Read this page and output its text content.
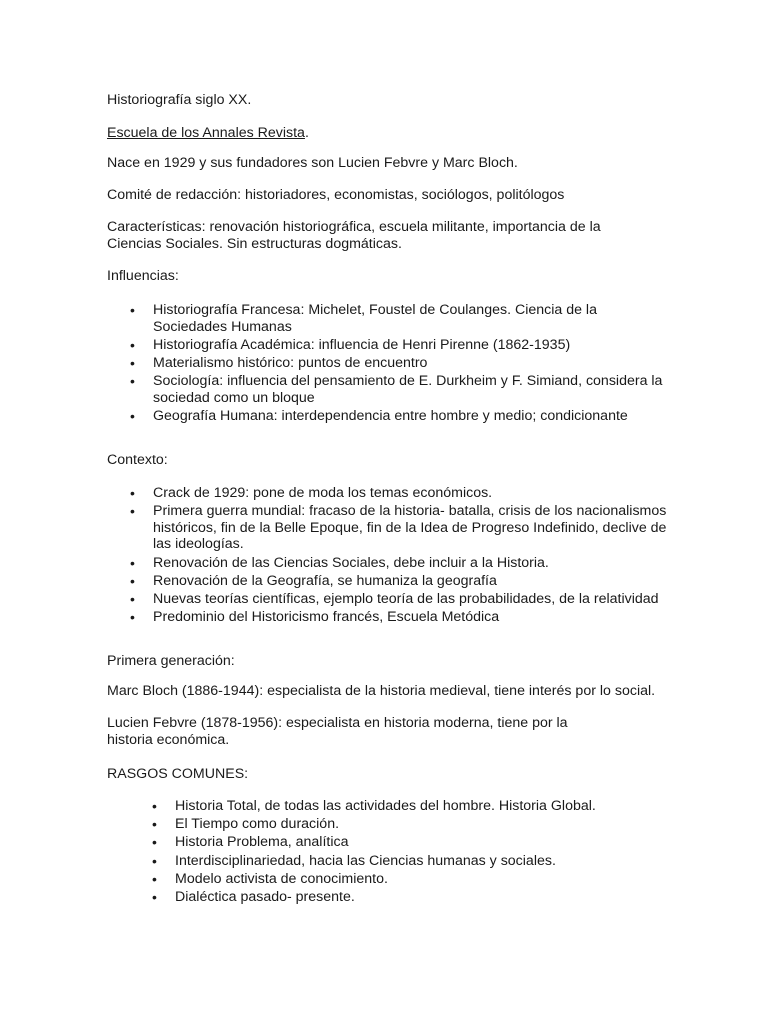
Historiografía siglo XX.

Escuela de los Annales Revista.

Nace en 1929 y sus fundadores son Lucien Febvre y Marc Bloch.

Comité de redacción: historiadores, economistas, sociólogos, politólogos

Características: renovación historiográfica, escuela militante, importancia de la Ciencias Sociales. Sin estructuras dogmáticas.

Influencias:

• Historiografía Francesa: Michelet, Foustel de Coulanges. Ciencia de la Sociedades Humanas
• Historiografía Académica: influencia de Henri Pirenne (1862-1935)
• Materialismo histórico: puntos de encuentro
• Sociología: influencia del pensamiento de E. Durkheim y F. Simiand, considera la sociedad como un bloque
• Geografía Humana: interdependencia entre hombre y medio; condicionante

Contexto:

• Crack de 1929: pone de moda los temas económicos.
• Primera guerra mundial: fracaso de la historia- batalla, crisis de los nacionalismos históricos, fin de la Belle Epoque, fin de la Idea de Progreso Indefinido, declive de las ideologías.
• Renovación de las Ciencias Sociales, debe incluir a la Historia.
• Renovación de la Geografía, se humaniza la geografía
• Nuevas teorías científicas, ejemplo teoría de las probabilidades, de la relatividad
• Predominio del Historicismo francés, Escuela Metódica

Primera generación:

Marc Bloch (1886-1944): especialista de la historia medieval, tiene interés por lo social.

Lucien Febvre (1878-1956): especialista en historia moderna, tiene por la historia económica.

RASGOS COMUNES:

• Historia Total, de todas las actividades del hombre. Historia Global.
• El Tiempo como duración.
• Historia Problema, analítica
• Interdisciplinariedad, hacia las Ciencias humanas y sociales.
• Modelo activista de conocimiento.
• Dialéctica pasado- presente.
